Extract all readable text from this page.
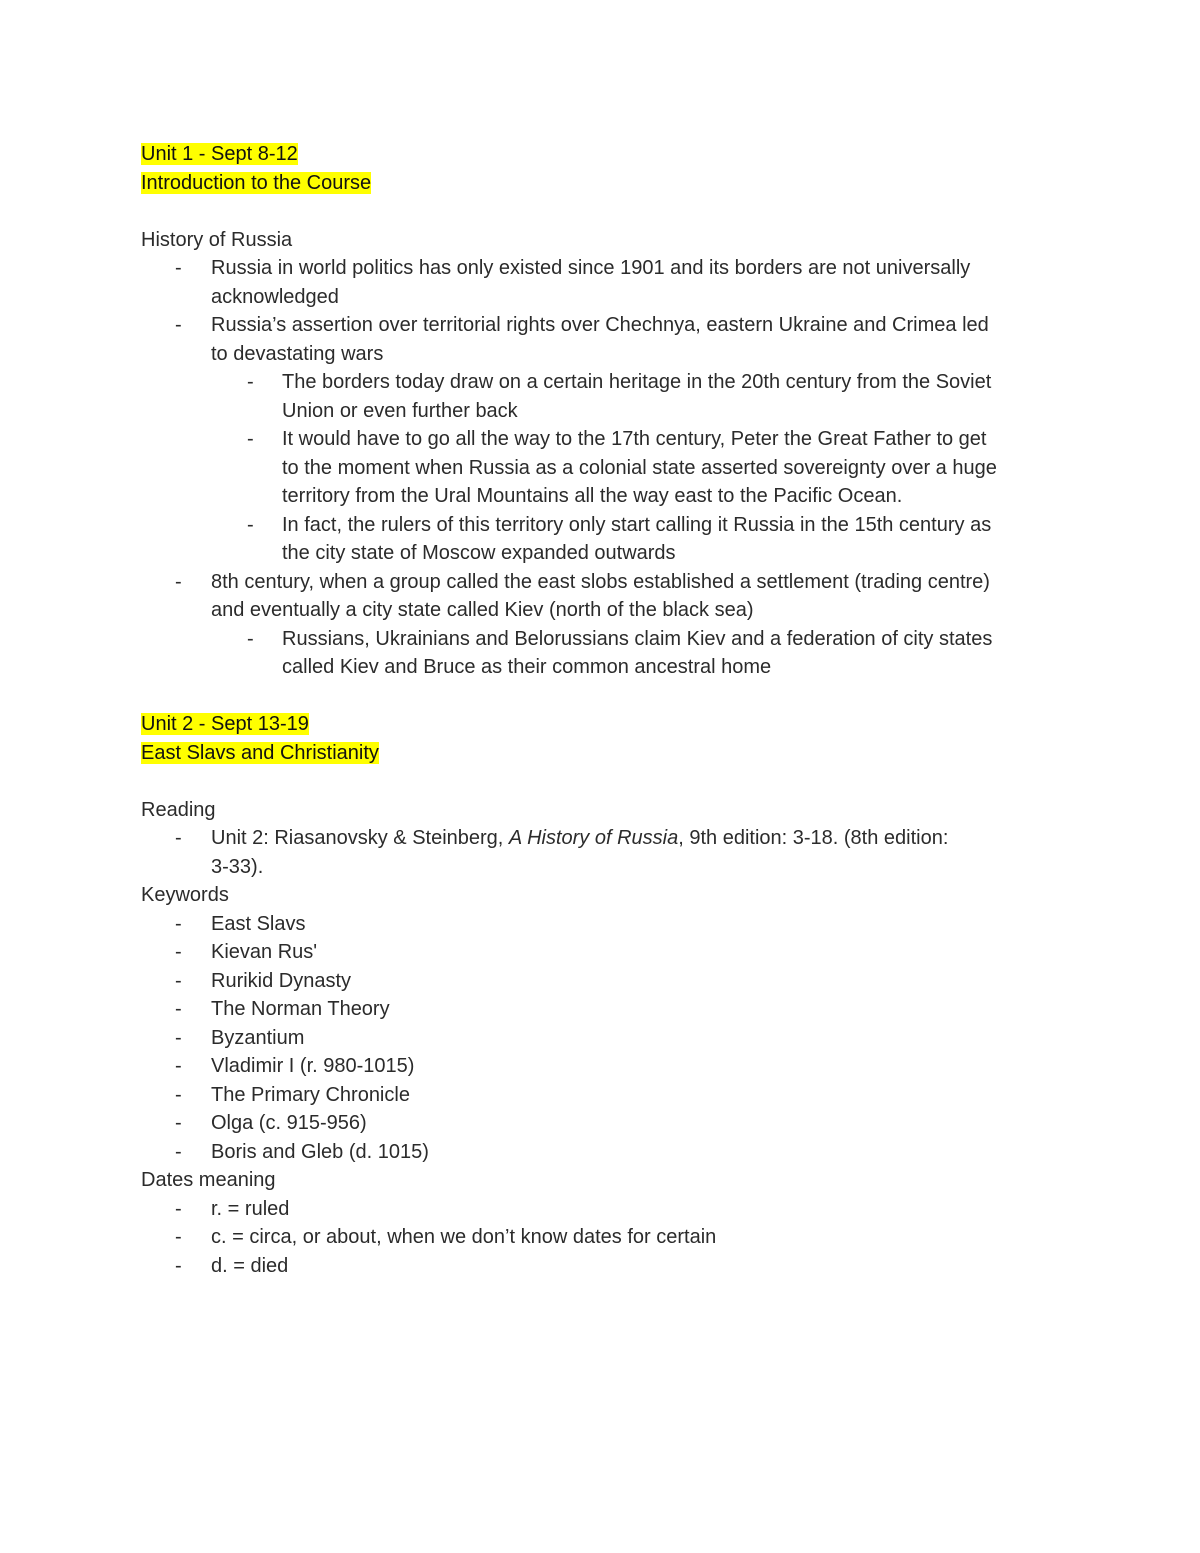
Unit 1 - Sept 8-12
Introduction to the Course
History of Russia
- Russia in world politics has only existed since 1901 and its borders are not universally
acknowledged
- Russia’s assertion over territorial rights over Chechnya, eastern Ukraine and Crimea led
to devastating wars
- The borders today draw on a certain heritage in the 20th century from the Soviet
Union or even further back
- It would have to go all the way to the 17th century, Peter the Great Father to get
to the moment when Russia as a colonial state asserted sovereignty over a huge
territory from the Ural Mountains all the way east to the Pacific Ocean.
- In fact, the rulers of this territory only start calling it Russia in the 15th century as
the city state of Moscow expanded outwards
- 8th century, when a group called the east slobs established a settlement (trading centre)
and eventually a city state called Kiev (north of the black sea)
- Russians, Ukrainians and Belorussians claim Kiev and a federation of city states
called Kiev and Bruce as their common ancestral home
Unit 2 - Sept 13-19
East Slavs and Christianity
Reading
- Unit 2: Riasanovsky & Steinberg, A History of Russia, 9th edition: 3-18. (8th edition:
3-33).
Keywords
- East Slavs
- Kievan Rus'
- Rurikid Dynasty
- The Norman Theory
- Byzantium
- Vladimir I (r. 980-1015)
- The Primary Chronicle
- Olga (c. 915-956)
- Boris and Gleb (d. 1015)
Dates meaning
- r. = ruled
- c. = circa, or about, when we don’t know dates for certain
- d. = died
